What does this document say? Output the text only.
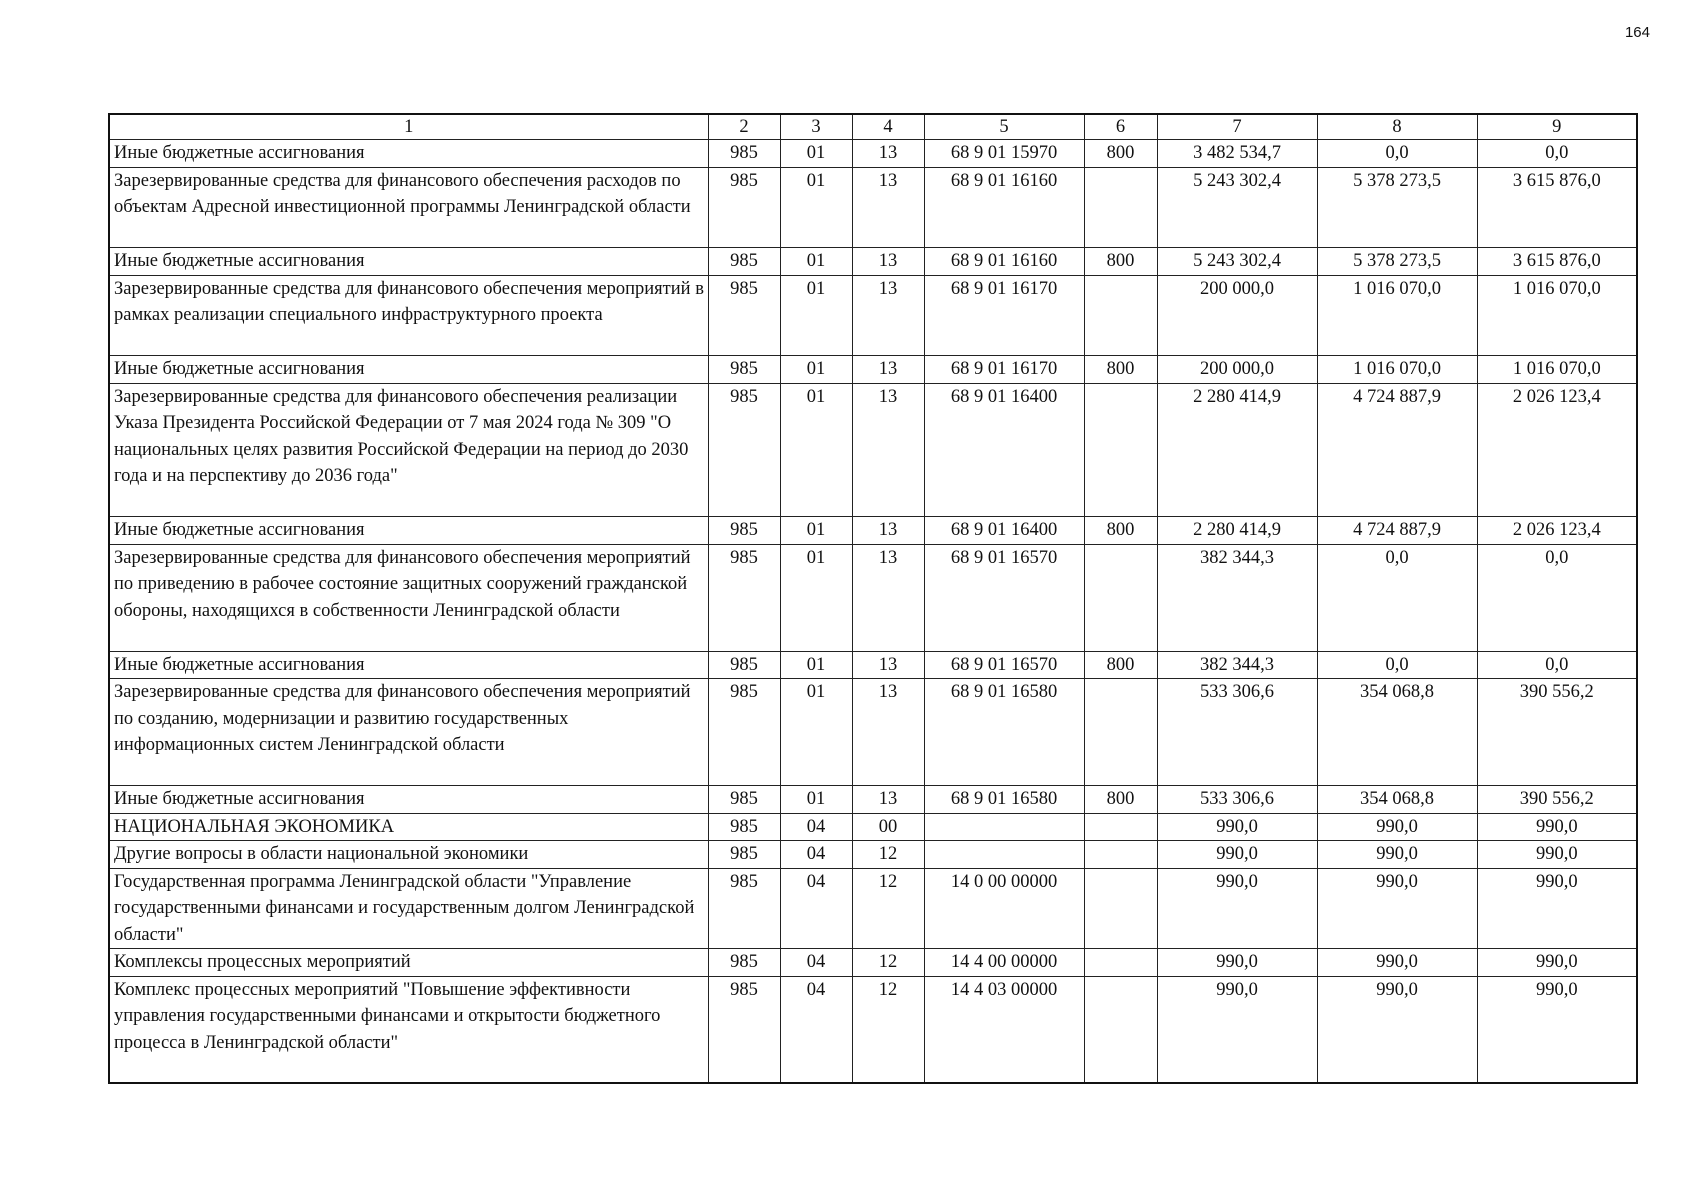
164
1	2	3	4	5	6	7	8	9
Иные бюджетные ассигнования	985	01	13	68 9 01 15970	800	3 482 534,7	0,0	0,0
Зарезервированные средства для финансового обеспечения расходов по объектам Адресной инвестиционной программы Ленинградской области	985	01	13	68 9 01 16160		5 243 302,4	5 378 273,5	3 615 876,0
Иные бюджетные ассигнования	985	01	13	68 9 01 16160	800	5 243 302,4	5 378 273,5	3 615 876,0
Зарезервированные средства для финансового обеспечения мероприятий в рамках реализации специального инфраструктурного проекта	985	01	13	68 9 01 16170		200 000,0	1 016 070,0	1 016 070,0
Иные бюджетные ассигнования	985	01	13	68 9 01 16170	800	200 000,0	1 016 070,0	1 016 070,0
Зарезервированные средства для финансового обеспечения реализации Указа Президента Российской Федерации от 7 мая 2024 года № 309 "О национальных целях развития Российской Федерации на период до 2030 года и на перспективу до 2036 года"	985	01	13	68 9 01 16400		2 280 414,9	4 724 887,9	2 026 123,4
Иные бюджетные ассигнования	985	01	13	68 9 01 16400	800	2 280 414,9	4 724 887,9	2 026 123,4
Зарезервированные средства для финансового обеспечения мероприятий по приведению в рабочее состояние защитных сооружений гражданской обороны, находящихся в собственности Ленинградской области	985	01	13	68 9 01 16570		382 344,3	0,0	0,0
Иные бюджетные ассигнования	985	01	13	68 9 01 16570	800	382 344,3	0,0	0,0
Зарезервированные средства для финансового обеспечения мероприятий по созданию, модернизации и развитию государственных информационных систем Ленинградской области	985	01	13	68 9 01 16580		533 306,6	354 068,8	390 556,2
Иные бюджетные ассигнования	985	01	13	68 9 01 16580	800	533 306,6	354 068,8	390 556,2
НАЦИОНАЛЬНАЯ ЭКОНОМИКА	985	04	00			990,0	990,0	990,0
Другие вопросы в области национальной экономики	985	04	12			990,0	990,0	990,0
Государственная программа Ленинградской области "Управление государственными финансами и государственным долгом Ленинградской области"	985	04	12	14 0 00 00000		990,0	990,0	990,0
Комплексы процессных мероприятий	985	04	12	14 4 00 00000		990,0	990,0	990,0
Комплекс процессных мероприятий "Повышение эффективности управления государственными финансами и открытости бюджетного процесса в Ленинградской области"	985	04	12	14 4 03 00000		990,0	990,0	990,0
